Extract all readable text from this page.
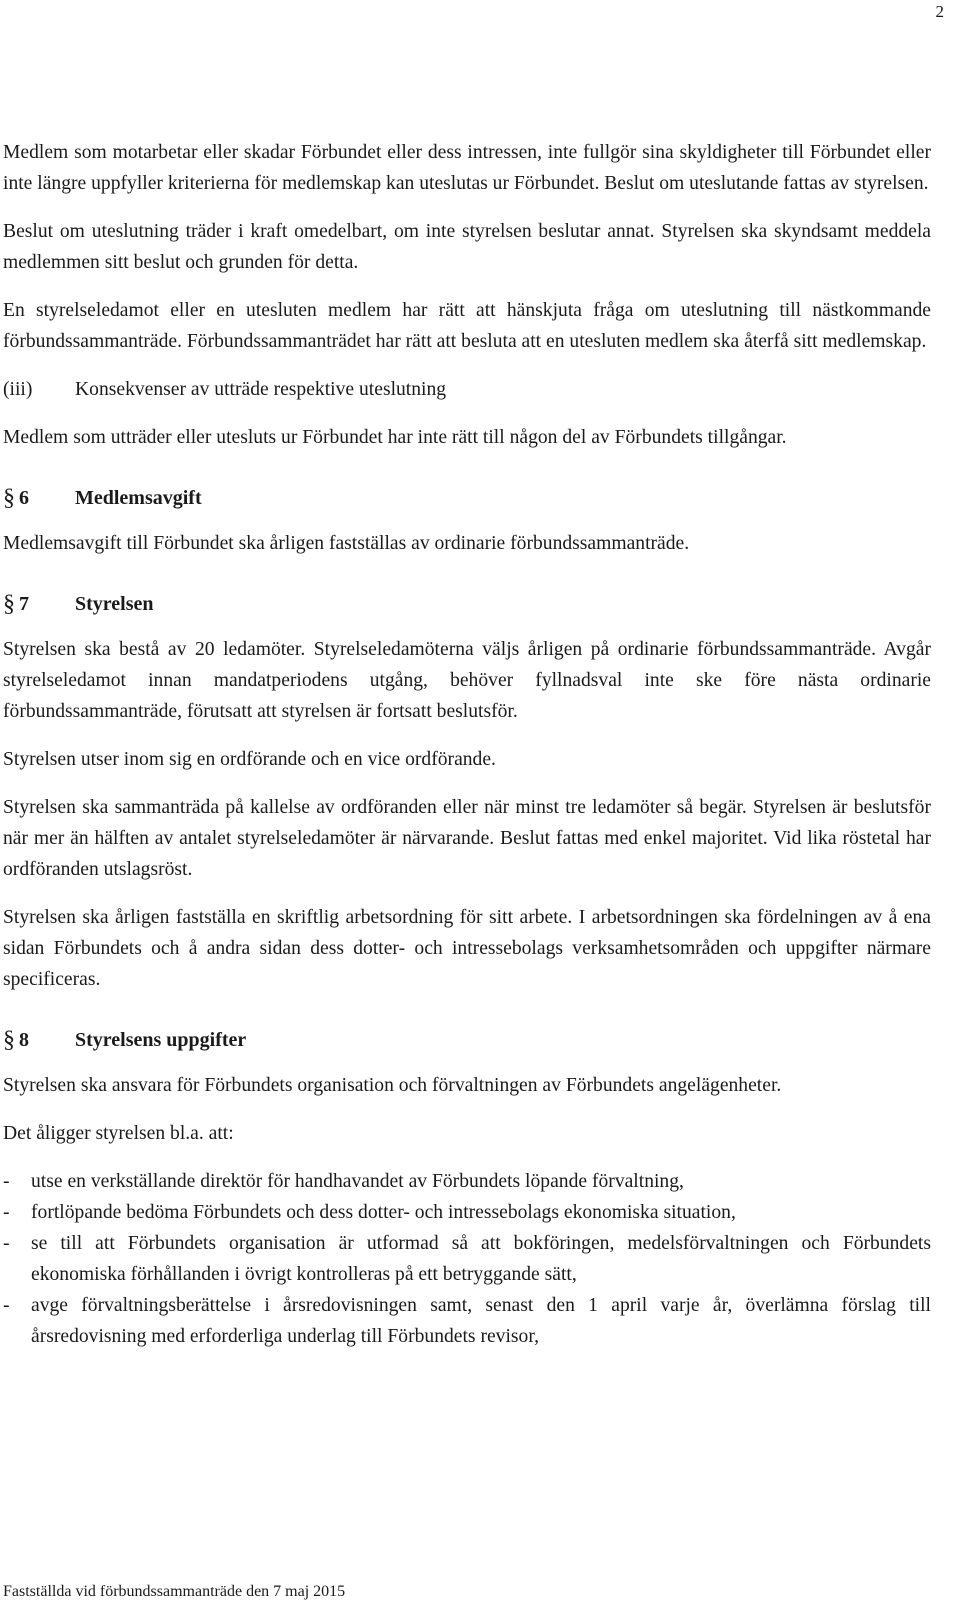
2

Medlem som motarbetar eller skadar Förbundet eller dess intressen, inte fullgör sina skyldigheter till Förbundet eller inte längre uppfyller kriterierna för medlemskap kan uteslutas ur Förbundet. Beslut om uteslutande fattas av styrelsen.

Beslut om uteslutning träder i kraft omedelbart, om inte styrelsen beslutar annat. Styrelsen ska skyndsamt meddela medlemmen sitt beslut och grunden för detta.

En styrelseledamot eller en utesluten medlem har rätt att hänskjuta fråga om uteslutning till nästkommande förbundssammanträde. Förbundssammanträdet har rätt att besluta att en utesluten medlem ska återfå sitt medlemskap.

(iii)	Konsekvenser av utträde respektive uteslutning

Medlem som utträder eller utesluts ur Förbundet har inte rätt till någon del av Förbundets tillgångar.

§ 6	Medlemsavgift

Medlemsavgift till Förbundet ska årligen fastställas av ordinarie förbundssammanträde.

§ 7	Styrelsen

Styrelsen ska bestå av 20 ledamöter. Styrelseledamöterna väljs årligen på ordinarie förbundssammanträde. Avgår styrelseledamot innan mandatperiodens utgång, behöver fyllnadsval inte ske före nästa ordinarie förbundssammanträde, förutsatt att styrelsen är fortsatt beslutsför.

Styrelsen utser inom sig en ordförande och en vice ordförande.

Styrelsen ska sammanträda på kallelse av ordföranden eller när minst tre ledamöter så begär. Styrelsen är beslutsför när mer än hälften av antalet styrelseledamöter är närvarande. Beslut fattas med enkel majoritet. Vid lika röstetal har ordföranden utslagsröst.

Styrelsen ska årligen fastställa en skriftlig arbetsordning för sitt arbete. I arbetsordningen ska fördelningen av å ena sidan Förbundets och å andra sidan dess dotter- och intressebolags verksamhetsområden och uppgifter närmare specificeras.

§ 8	Styrelsens uppgifter

Styrelsen ska ansvara för Förbundets organisation och förvaltningen av Förbundets angelägenheter.

Det åligger styrelsen bl.a. att:

- utse en verkställande direktör för handhavandet av Förbundets löpande förvaltning,
- fortlöpande bedöma Förbundets och dess dotter- och intressebolags ekonomiska situation,
- se till att Förbundets organisation är utformad så att bokföringen, medelsförvaltningen och Förbundets ekonomiska förhållanden i övrigt kontrolleras på ett betryggande sätt,
- avge förvaltningsberättelse i årsredovisningen samt, senast den 1 april varje år, överlämna förslag till årsredovisning med erforderliga underlag till Förbundets revisor,
Fastställda vid förbundssammanträde den 7 maj 2015
